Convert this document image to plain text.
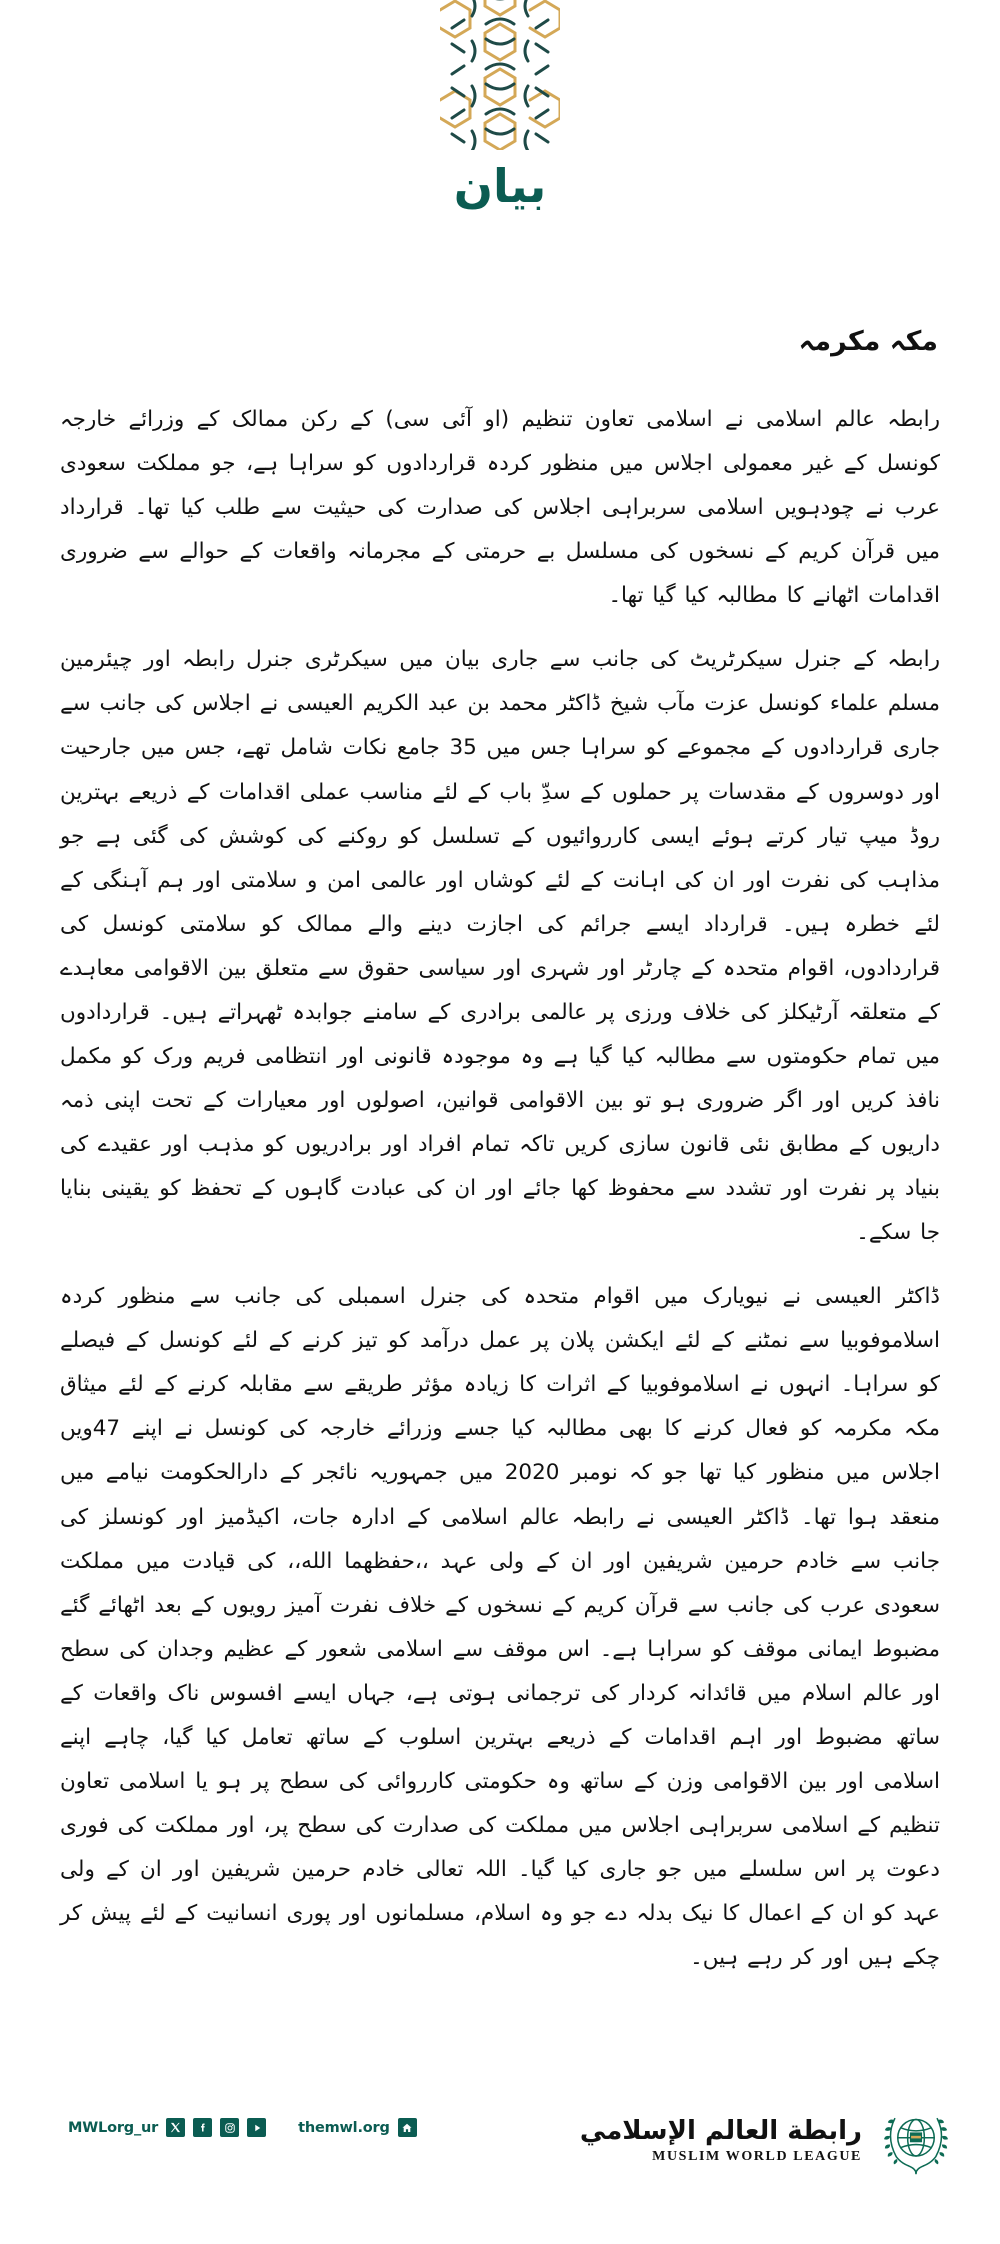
بیان
مکہ مکرمہ

رابطہ عالم اسلامی نے اسلامی تعاون تنظیم (او آئی سی) کے رکن ممالک کے وزرائے خارجہ کونسل کے غیر معمولی اجلاس میں منظور کردہ قراردادوں کو سراہا ہے، جو مملکت سعودی عرب نے چودہویں اسلامی سربراہی اجلاس کی صدارت کی حیثیت سے طلب کیا تھا۔ قرارداد میں قرآن کریم کے نسخوں کی مسلسل بے حرمتی کے مجرمانہ واقعات کے حوالے سے ضروری اقدامات اٹھانے کا مطالبہ کیا گیا تھا۔

رابطہ کے جنرل سیکرٹریٹ کی جانب سے جاری بیان میں سیکرٹری جنرل رابطہ اور چیئرمین مسلم علماء کونسل عزت مآب شیخ ڈاکٹر محمد بن عبد الکریم العیسی نے اجلاس کی جانب سے جاری قراردادوں کے مجموعے کو سراہا جس میں 35 جامع نکات شامل تھے، جس میں جارحیت اور دوسروں کے مقدسات پر حملوں کے سدِّ باب کے لئے مناسب عملی اقدامات کے ذریعے بہترین روڈ میپ تیار کرتے ہوئے ایسی کارروائیوں کے تسلسل کو روکنے کی کوشش کی گئی ہے جو مذاہب کی نفرت اور ان کی اہانت کے لئے کوشاں اور عالمی امن و سلامتی اور ہم آہنگی کے لئے خطرہ ہیں۔ قرارداد ایسے جرائم کی اجازت دینے والے ممالک کو سلامتی کونسل کی قراردادوں، اقوام متحدہ کے چارٹر اور شہری اور سیاسی حقوق سے متعلق بین الاقوامی معاہدے کے متعلقہ آرٹیکلز کی خلاف ورزی پر عالمی برادری کے سامنے جوابدہ ٹھہراتے ہیں۔ قراردادوں میں تمام حکومتوں سے مطالبہ کیا گیا ہے وہ موجودہ قانونی اور انتظامی فریم ورک کو مکمل نافذ کریں اور اگر ضروری ہو تو بین الاقوامی قوانین، اصولوں اور معیارات کے تحت اپنی ذمہ داریوں کے مطابق نئی قانون سازی کریں تاکہ تمام افراد اور برادریوں کو مذہب اور عقیدے کی بنیاد پر نفرت اور تشدد سے محفوظ کھا جائے اور ان کی عبادت گاہوں کے تحفظ کو یقینی بنایا جا سکے۔

ڈاکٹر العیسی نے نیویارک میں اقوام متحدہ کی جنرل اسمبلی کی جانب سے منظور کردہ اسلاموفوبیا سے نمٹنے کے لئے ایکشن پلان پر عمل درآمد کو تیز کرنے کے لئے کونسل کے فیصلے کو سراہا۔ انہوں نے اسلاموفوبیا کے اثرات کا زیادہ مؤثر طریقے سے مقابلہ کرنے کے لئے میثاق مکہ مکرمہ کو فعال کرنے کا بھی مطالبہ کیا جسے وزرائے خارجہ کی کونسل نے اپنے 47ویں اجلاس میں منظور کیا تھا جو کہ نومبر 2020 میں جمہوریہ نائجر کے دارالحکومت نیامے میں منعقد ہوا تھا۔ ڈاکٹر العیسی نے رابطہ عالم اسلامی کے ادارہ جات، اکیڈمیز اور کونسلز کی جانب سے خادم حرمین شریفین اور ان کے ولی عہد ،،حفظهما الله،، کی قیادت میں مملکت سعودی عرب کی جانب سے قرآن کریم کے نسخوں کے خلاف نفرت آمیز رویوں کے بعد اٹھائے گئے مضبوط ایمانی موقف کو سراہا ہے۔ اس موقف سے اسلامی شعور کے عظیم وجدان کی سطح اور عالم اسلام میں قائدانہ کردار کی ترجمانی ہوتی ہے، جہاں ایسے افسوس ناک واقعات کے ساتھ مضبوط اور اہم اقدامات کے ذریعے بہترین اسلوب کے ساتھ تعامل کیا گیا، چاہے اپنے اسلامی اور بین الاقوامی وزن کے ساتھ وہ حکومتی کارروائی کی سطح پر ہو یا اسلامی تعاون تنظیم کے اسلامی سربراہی اجلاس میں مملکت کی صدارت کی سطح پر، اور مملکت کی فوری دعوت پر اس سلسلے میں جو جاری کیا گیا۔ اللہ تعالی خادم حرمین شریفین اور ان کے ولی عہد کو ان کے اعمال کا نیک بدلہ دے جو وہ اسلام، مسلمانوں اور پوری انسانیت کے لئے پیش کر چکے ہیں اور کر رہے ہیں۔

MWLorg_ur	themwl.org	رابطة العالم الإسلامي
MUSLIM WORLD LEAGUE
